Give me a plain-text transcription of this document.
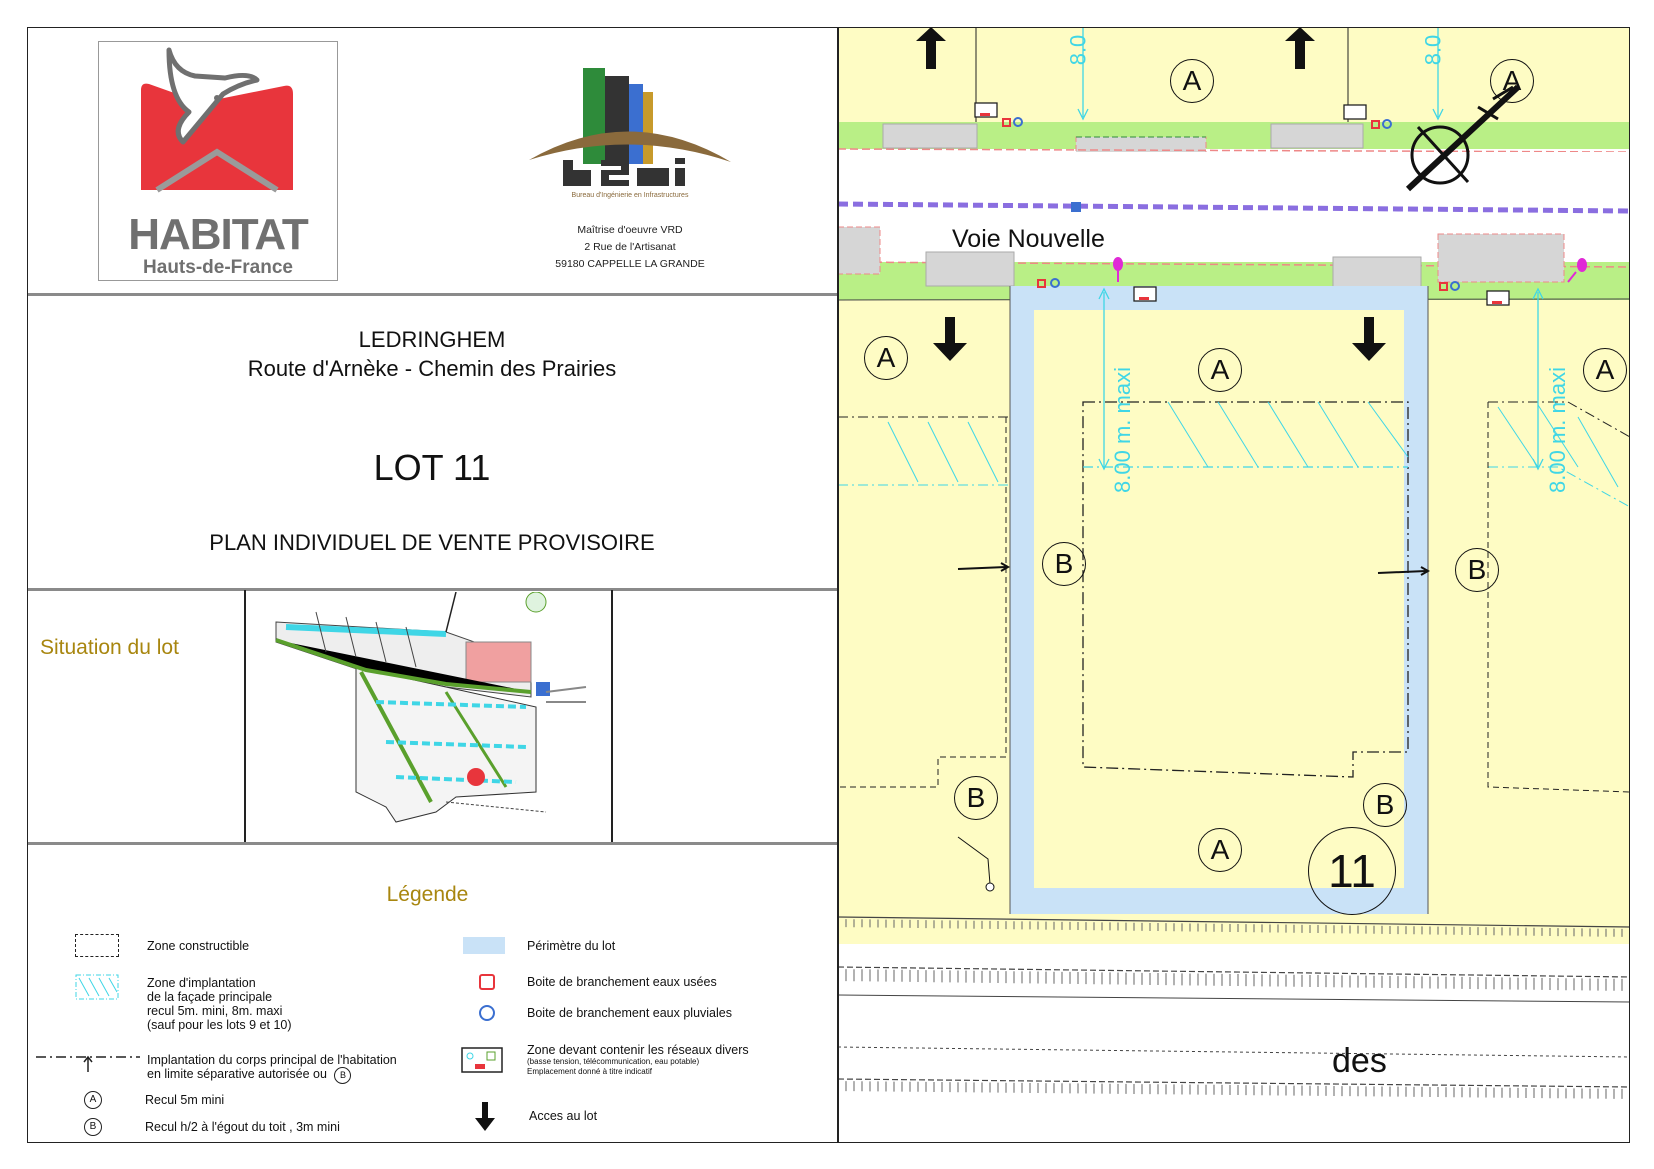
HABITAT
Hauts-de-France
Bureau d'Ingénierie en Infrastructures
Maîtrise d'oeuvre VRD
2 Rue de l'Artisanat
59180 CAPPELLE LA GRANDE
LEDRINGHEM
Route d'Arnèke - Chemin des Prairies
LOT 11
PLAN INDIVIDUEL DE VENTE PROVISOIRE
Situation du lot
Légende
Zone constructible
Zone d'implantation
de la façade principale
recul 5m. mini, 8m. maxi
(sauf pour les lots 9 et 10)
Implantation du corps principal de l'habitation
en limite séparative autorisée ou B
A	Recul 5m mini
B	Recul h/2 à l'égout du toit , 3m mini
Périmètre du lot
Boite de branchement eaux usées
Boite de branchement eaux pluviales
Zone devant contenir les réseaux divers
(basse tension, télécommunication, eau potable)
Emplacement donné à titre indicatif
Acces au lot
Voie Nouvelle
des
8.0	8.0
8.00 m. maxi	8.00 m. maxi
A	A
A	A	A
A
B	B
B	B
11
